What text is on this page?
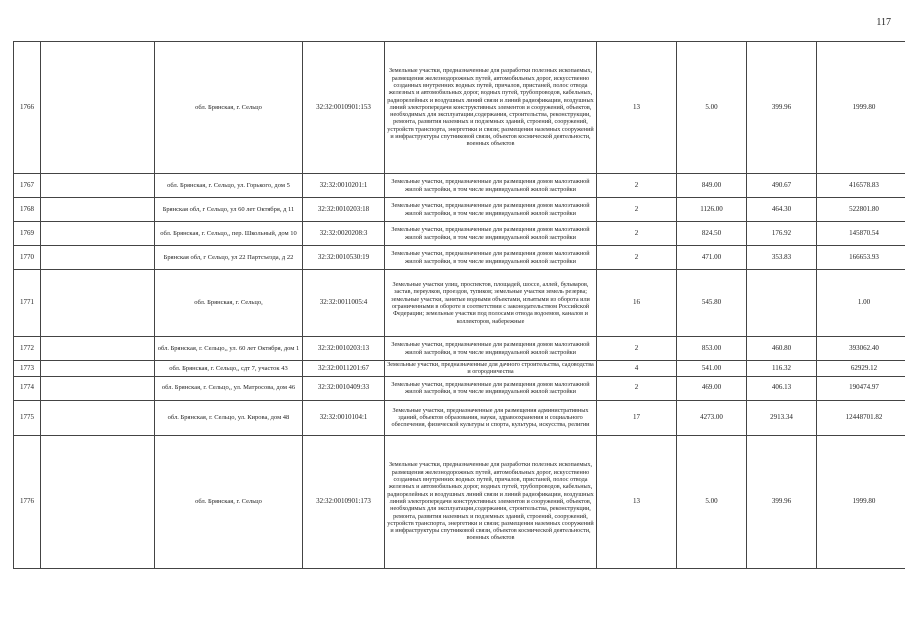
117
1766		обл. Брянская, г. Сельцо	32:32:0010901:153	Земельные участки, предназначенные для разработки полезных ископаемых, размещения железнодорожных путей, автомобильных дорог, искусственно созданных внутренних водных путей, причалов, пристаней, полос отвода железных и автомобильных дорог, водных путей, трубопроводов, кабельных, радиорелейных и воздушных линий связи и линий радиофикации, воздушных линий электропередачи конструктивных элементов и сооружений, объектов, необходимых для эксплуатации,содержания, строительства, реконструкции, ремонта, развития наземных и подземных зданий, строений, сооружений, устройств транспорта, энергетики и связи; размещения наземных сооружений и инфраструктуры спутниковой связи, объектов космической деятельности, военных объектов	13	5.00	399.96	1999.80
1767		обл. Брянская, г. Сельцо, ул. Горького, дом 5	32:32:0010201:1	Земельные участки, предназначенные для размещения домов малоэтажной жилой застройки, в том числе индивидуальной жилой застройки	2	849.00	490.67	416578.83
1768		Брянская обл, г Сельцо, ул 60 лет Октября, д 11	32:32:0010203:18	Земельные участки, предназначенные для размещения домов малоэтажной жилой застройки, в том числе индивидуальной жилой застройки	2	1126.00	464.30	522801.80
1769		обл. Брянская, г. Сельцо,, пер. Школьный, дом 10	32:32:0020208:3	Земельные участки, предназначенные для размещения домов малоэтажной жилой застройки, в том числе индивидуальной жилой застройки	2	824.50	176.92	145870.54
1770		Брянская обл, г Сельцо, ул 22 Партсъезда, д 22	32:32:0010530:19	Земельные участки, предназначенные для размещения домов малоэтажной жилой застройки, в том числе индивидуальной жилой застройки	2	471.00	353.83	166653.93
1771		обл. Брянская, г. Сельцо,	32:32:0011005:4	Земельные участки улиц, проспектов, площадей, шоссе, аллей, бульваров, застав, переулков, проездов, тупиков; земельные участки земель резерва; земельные участки, занятые водными объектами, изъятыми из оборота или ограниченными в обороте в соответствии с законодательством Российской Федерации; земельные участки под полосами отвода водоемов, каналов и коллекторов, набережные	16	545.80		1.00
1772		обл. Брянская, г. Сельцо,, ул. 60 лет Октября, дом 1	32:32:0010203:13	Земельные участки, предназначенные для размещения домов малоэтажной жилой застройки, в том числе индивидуальной жилой застройки	2	853.00	460.80	393062.40
1773		обл. Брянская, г. Сельцо,, сдт 7, участок 43	32:32:0011201:67	Земельные участки, предназначенные для дачного строительства, садоводства и огородничества	4	541.00	116.32	62929.12
1774		обл. Брянская, г. Сельцо,, ул. Матросова, дом 46	32:32:0010409:33	Земельные участки, предназначенные для размещения домов малоэтажной жилой застройки, в том числе индивидуальной жилой застройки	2	469.00	406.13	190474.97
1775		обл. Брянская, г. Сельцо, ул. Кирова, дом 48	32:32:0010104:1	Земельные участки, предназначенные для размещения административных зданий, объектов образования, науки, здравоохранения и социального обеспечения, физической культуры и спорта, культуры, искусства, религии	17	4273.00	2913.34	12448701.82
1776		обл. Брянская, г. Сельцо	32:32:0010901:173	Земельные участки, предназначенные для разработки полезных ископаемых, размещения железнодорожных путей, автомобильных дорог, искусственно созданных внутренних водных путей, причалов, пристаней, полос отвода железных и автомобильных дорог, водных путей, трубопроводов, кабельных, радиорелейных и воздушных линий связи и линий радиофикации, воздушных линий электропередачи конструктивных элементов и сооружений, объектов, необходимых для эксплуатации,содержания, строительства, реконструкции, ремонта, развития наземных и подземных зданий, строений, сооружений, устройств транспорта, энергетики и связи; размещения наземных сооружений и инфраструктуры спутниковой связи, объектов космической деятельности, военных объектов	13	5.00	399.96	1999.80
